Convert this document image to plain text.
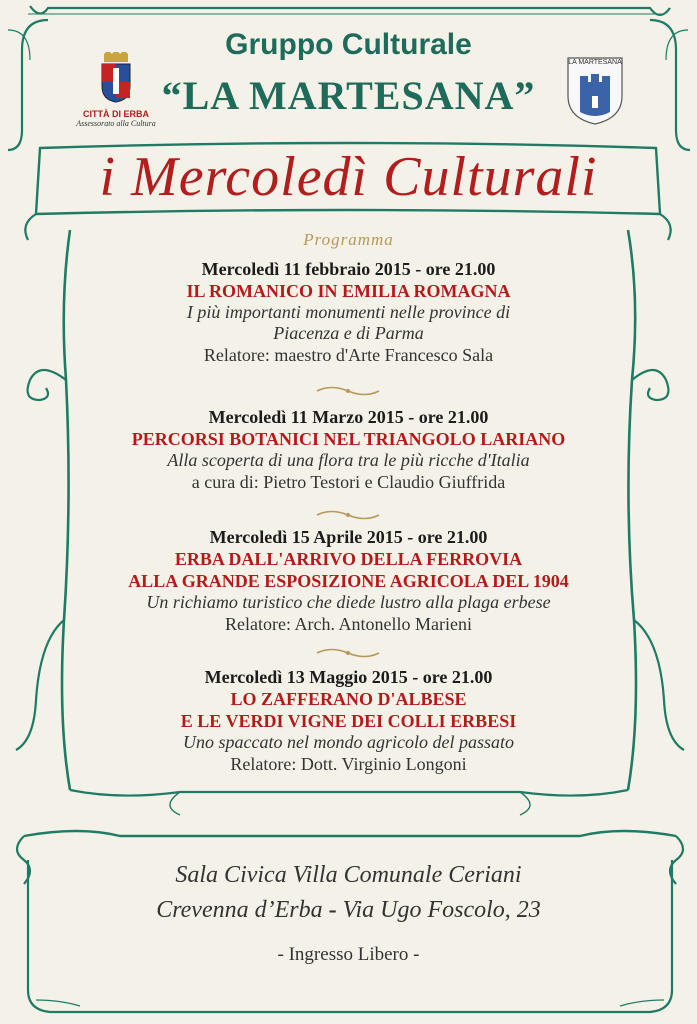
CITTÀ DI ERBA
Assessorato alla Cultura
LA MARTESANA
Gruppo Culturale
“LA MARTESANA”
i Mercoledì Culturali
Programma
Mercoledì 11 febbraio 2015 - ore 21.00
IL ROMANICO IN EMILIA ROMAGNA
I più importanti monumenti nelle province di
Piacenza e di Parma
Relatore: maestro d'Arte Francesco Sala
Mercoledì 11 Marzo 2015 - ore 21.00
PERCORSI BOTANICI NEL TRIANGOLO LARIANO
Alla scoperta di una flora tra le più ricche d'Italia
a cura di: Pietro Testori e Claudio Giuffrida
Mercoledì 15 Aprile 2015 - ore 21.00
ERBA DALL'ARRIVO DELLA FERROVIA
ALLA GRANDE ESPOSIZIONE AGRICOLA DEL 1904
Un richiamo turistico che diede lustro alla plaga erbese
Relatore: Arch. Antonello Marieni
Mercoledì 13 Maggio 2015 - ore 21.00
LO ZAFFERANO D'ALBESE
E LE VERDI VIGNE DEI COLLI ERBESI
Uno spaccato nel mondo agricolo del passato
Relatore: Dott. Virginio Longoni
Sala Civica Villa Comunale Ceriani
Crevenna d’Erba - Via Ugo Foscolo, 23
- Ingresso Libero -
